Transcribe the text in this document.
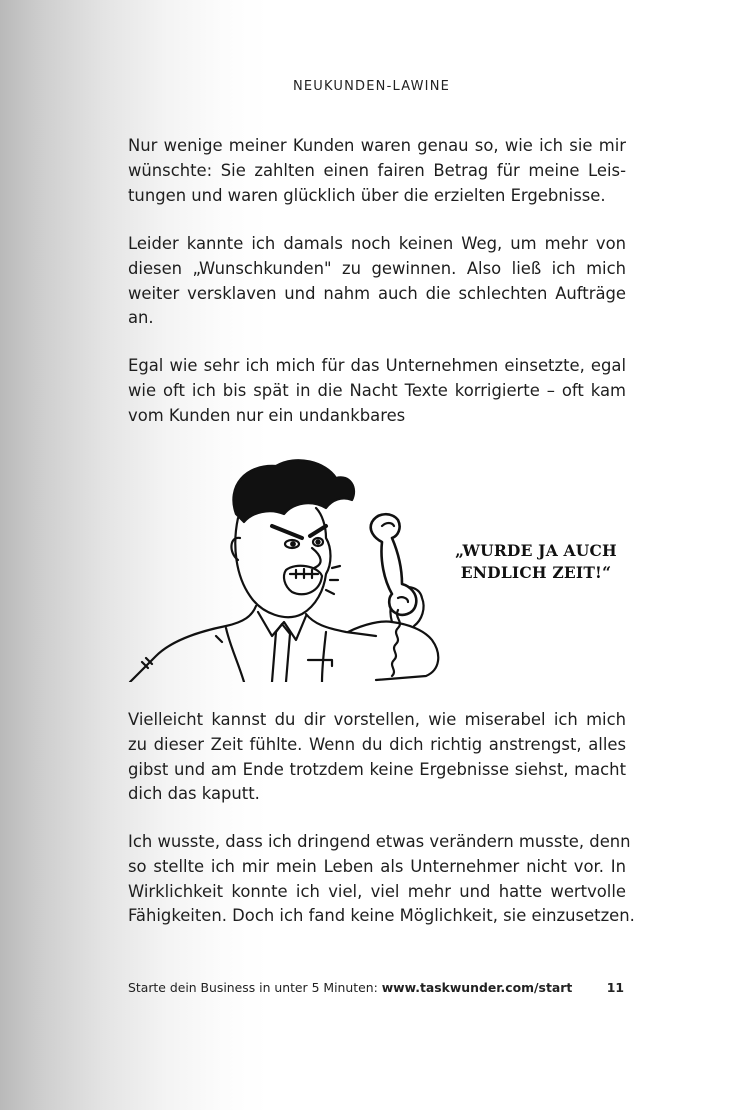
NEUKUNDEN-LAWINE
Nur wenige meiner Kunden waren genau so, wie ich sie mir
wünschte: Sie zahlten einen fairen Betrag für meine Leis-
tungen und waren glücklich über die erzielten Ergebnisse.
Leider kannte ich damals noch keinen Weg, um mehr von
diesen „Wunschkunden" zu gewinnen. Also ließ ich mich
weiter versklaven und nahm auch die schlechten Aufträge
an.
Egal wie sehr ich mich für das Unternehmen einsetzte, egal
wie oft ich bis spät in die Nacht Texte korrigierte – oft kam
vom Kunden nur ein undankbares
„WURDE JA AUCH
ENDLICH ZEIT!“
Vielleicht kannst du dir vorstellen, wie miserabel ich mich
zu dieser Zeit fühlte. Wenn du dich richtig anstrengst, alles
gibst und am Ende trotzdem keine Ergebnisse siehst, macht
dich das kaputt.
Ich wusste, dass ich dringend etwas verändern musste, denn
so stellte ich mir mein Leben als Unternehmer nicht vor. In
Wirklichkeit konnte ich viel, viel mehr und hatte wertvolle
Fähigkeiten. Doch ich fand keine Möglichkeit, sie einzusetzen.
Starte dein Business in unter 5 Minuten: www.taskwunder.com/start	11
